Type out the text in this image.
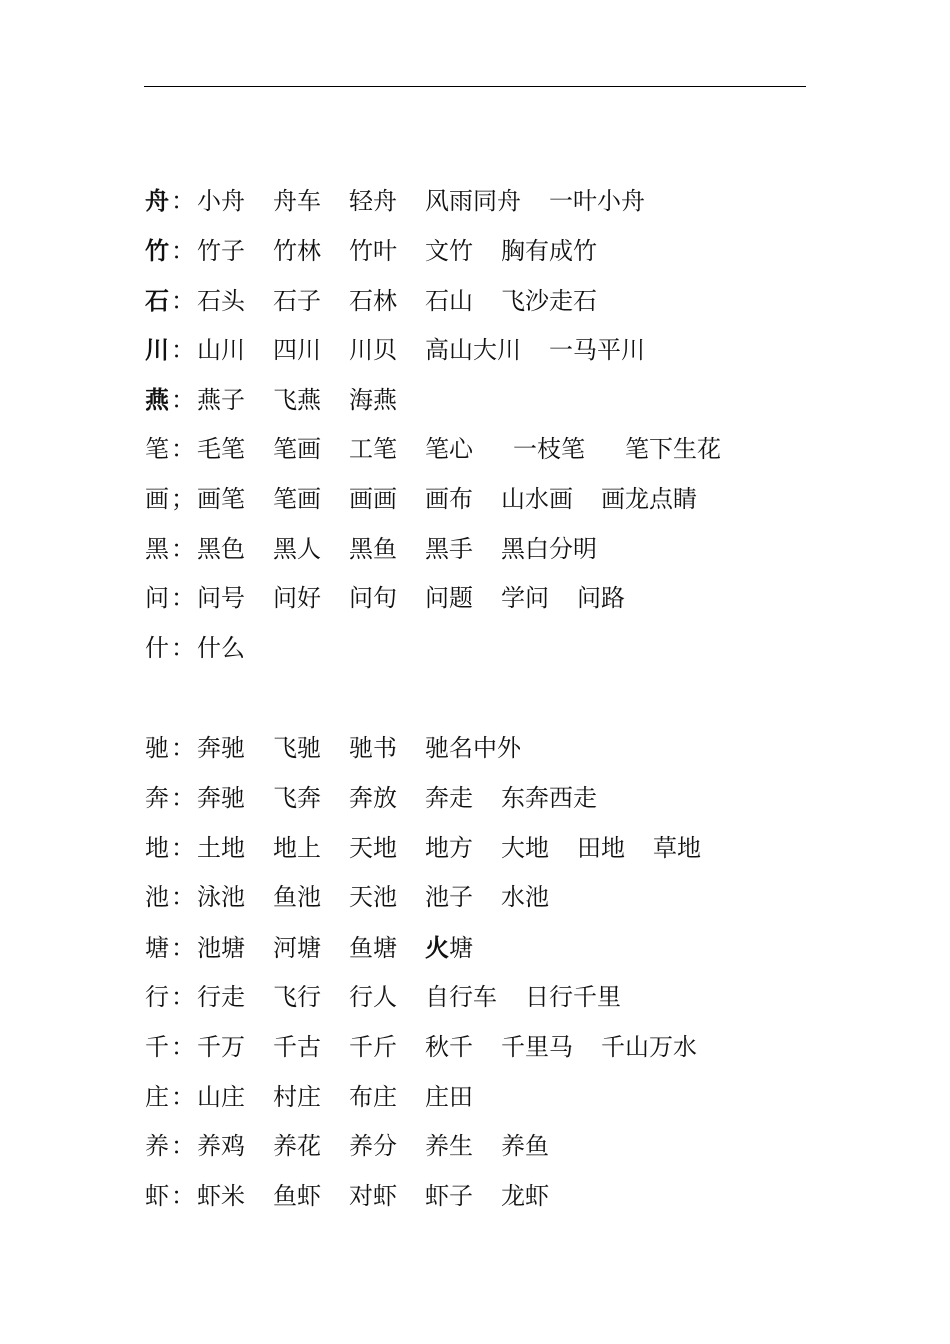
舟：小舟 舟车 轻舟 风雨同舟 一叶小舟
竹：竹子 竹林 竹叶 文竹 胸有成竹
石：石头 石子 石林 石山 飞沙走石
川：山川 四川 川贝 高山大川 一马平川
燕：燕子 飞燕 海燕
笔：毛笔 笔画 工笔 笔心 一枝笔 笔下生花
画；画笔 笔画 画画 画布 山水画 画龙点睛
黑：黑色 黑人 黑鱼 黑手 黑白分明
问：问号 问好 问句 问题 学问 问路
什：什么
驰：奔驰 飞驰 驰书 驰名中外
奔：奔驰 飞奔 奔放 奔走 东奔西走
地：土地 地上 天地 地方 大地 田地 草地
池：泳池 鱼池 天池 池子 水池
塘：池塘 河塘 鱼塘 火塘
行：行走 飞行 行人 自行车 日行千里
千：千万 千古 千斤 秋千 千里马 千山万水
庄：山庄 村庄 布庄 庄田
养：养鸡 养花 养分 养生 养鱼
虾：虾米 鱼虾 对虾 虾子 龙虾
